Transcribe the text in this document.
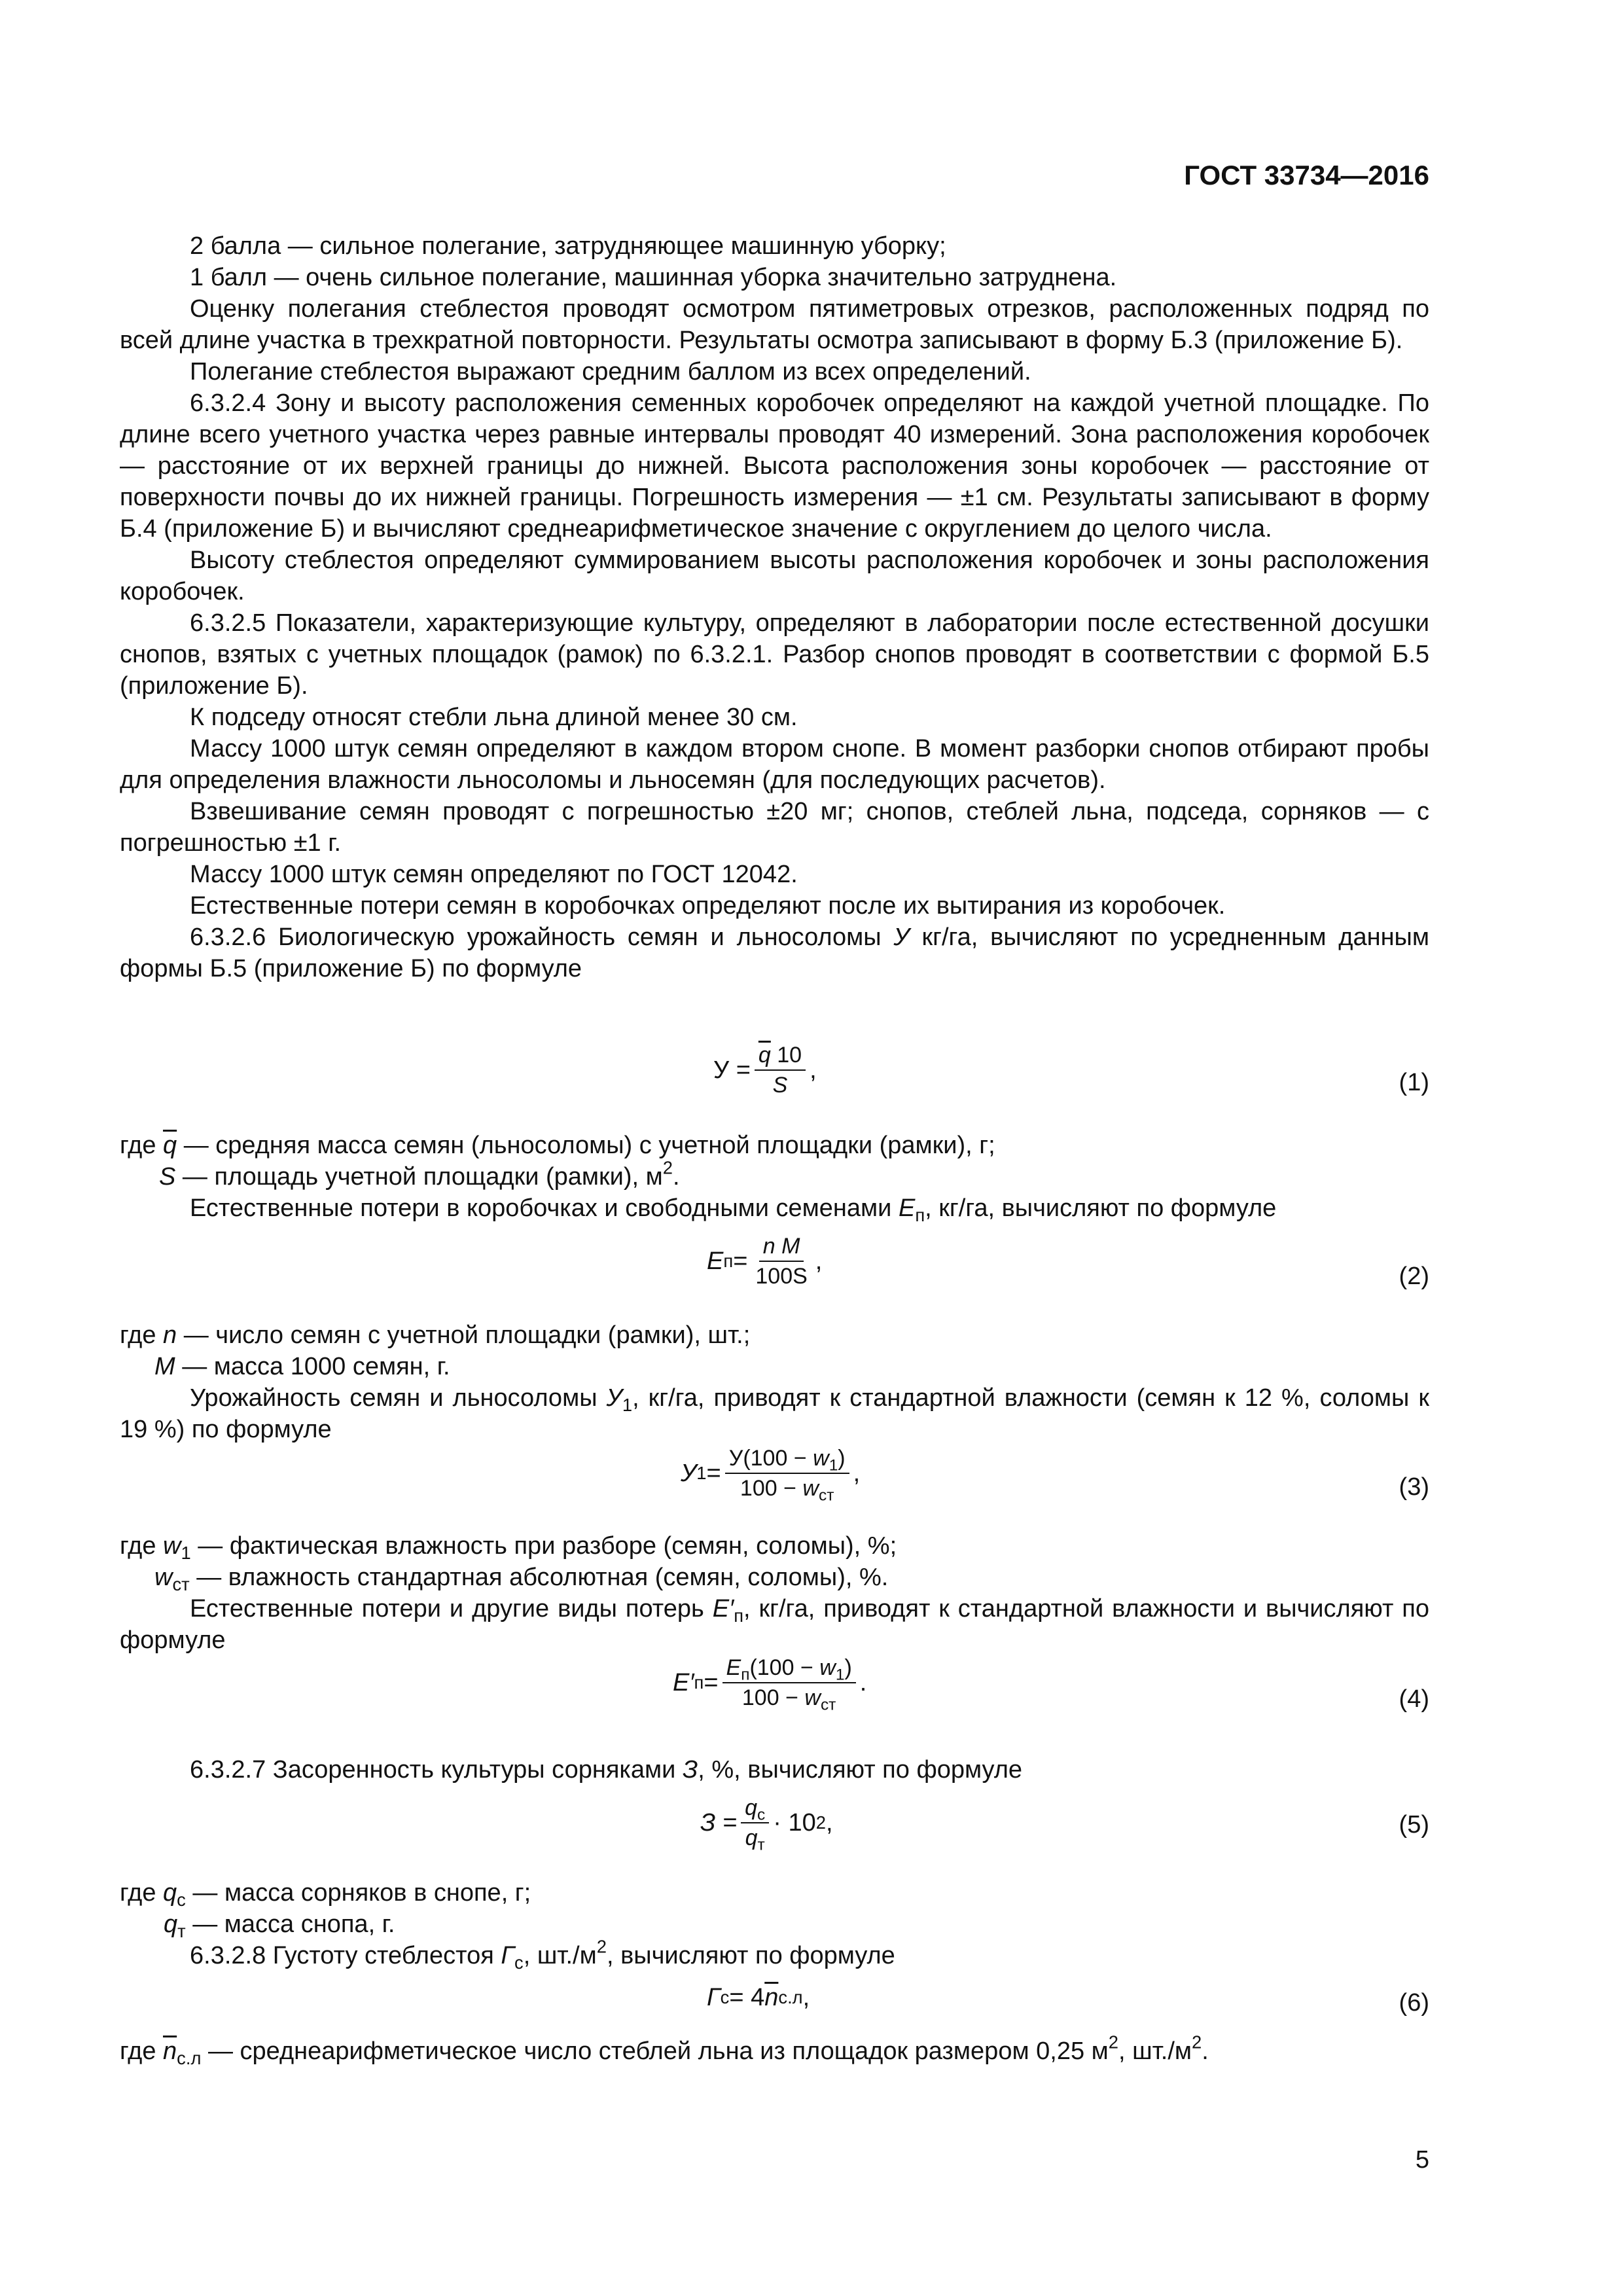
ГОСТ 33734—2016

2 балла — сильное полегание, затрудняющее машинную уборку;

1 балл — очень сильное полегание, машинная уборка значительно затруднена.

Оценку полегания стеблестоя проводят осмотром пятиметровых отрезков, расположенных подряд по всей длине участка в трехкратной повторности. Результаты осмотра записывают в форму Б.3 (приложение Б).

Полегание стеблестоя выражают средним баллом из всех определений.

6.3.2.4 Зону и высоту расположения семенных коробочек определяют на каждой учетной площадке. По длине всего учетного участка через равные интервалы проводят 40 измерений. Зона расположения коробочек — расстояние от их верхней границы до нижней. Высота расположения зоны коробочек — расстояние от поверхности почвы до их нижней границы. Погрешность измерения — ±1 см. Результаты записывают в форму Б.4 (приложение Б) и вычисляют среднеарифметическое значение с округлением до целого числа.

Высоту стеблестоя определяют суммированием высоты расположения коробочек и зоны расположения коробочек.

6.3.2.5 Показатели, характеризующие культуру, определяют в лаборатории после естественной досушки снопов, взятых с учетных площадок (рамок) по 6.3.2.1. Разбор снопов проводят в соответствии с формой Б.5 (приложение Б).

К подседу относят стебли льна длиной менее 30 см.

Массу 1000 штук семян определяют в каждом втором снопе. В момент разборки снопов отбирают пробы для определения влажности льносоломы и льносемян (для последующих расчетов).

Взвешивание семян проводят с погрешностью ±20 мг; снопов, стеблей льна, подседа, сорняков — с погрешностью ±1 г.

Массу 1000 штук семян определяют по ГОСТ 12042.

Естественные потери семян в коробочках определяют после их вытирания из коробочек.

6.3.2.6 Биологическую урожайность семян и льносоломы У кг/га, вычисляют по усредненным данным формы Б.5 (приложение Б) по формуле

$У = \frac{\overline{q} 10}{S}$ ,	(1)
где $\overline{q}$ — средняя масса семян (льносоломы) с учетной площадки (рамки), г;
S — площадь учетной площадки (рамки), $м^2$.

Естественные потери в коробочках и свободными семенами $E_п$, кг/га, вычисляют по формуле

E $п = \frac{\text{n M}}{100S}$ ,
(2)
где n — число семян с учетной площадки (рамки), шт.;
M — масса 1000 семян, г.

Урожайность семян и льносоломы $У_1$, кг/га, приводят к стандартной влажности (семян к 12 %, соломы к 19 %) по формуле

У 1 =
$У(100 - w_1)$
$100 - w_{ст}$
,	(3)
где $w_1$ — фактическая влажность при разборе (семян, соломы), %;
$w_{ст}$ — влажность стандартная абсолютная (семян, соломы), %.

Естественные потери и другие виды потерь $E'_п$, кг/га, приводят к стандартной влажности и вычисляют по формуле

E′ п =
$E_п(100 - w_1)$
$100 - w_{ст}$
.
(4)

6.3.2.7 Засоренность культуры сорняками З, %, вычисляют по формуле

З =
$q_с$
$q_т$
· 10 2 ,	(5)
где $q_с$ — масса сорняков в снопе, г;
$q_т$ — масса снопа, г.

6.3.2.8 Густоту стеблестоя $Г_с$, $шт./м^2$, вычисляют по формуле

Г с = 4 $\overline{n}$ с.л ,	(6)
где $\overline{n}_{с.л}$ — среднеарифметическое число стеблей льна из площадок размером 0,25 $м^2$, $шт./м^2$.
5
